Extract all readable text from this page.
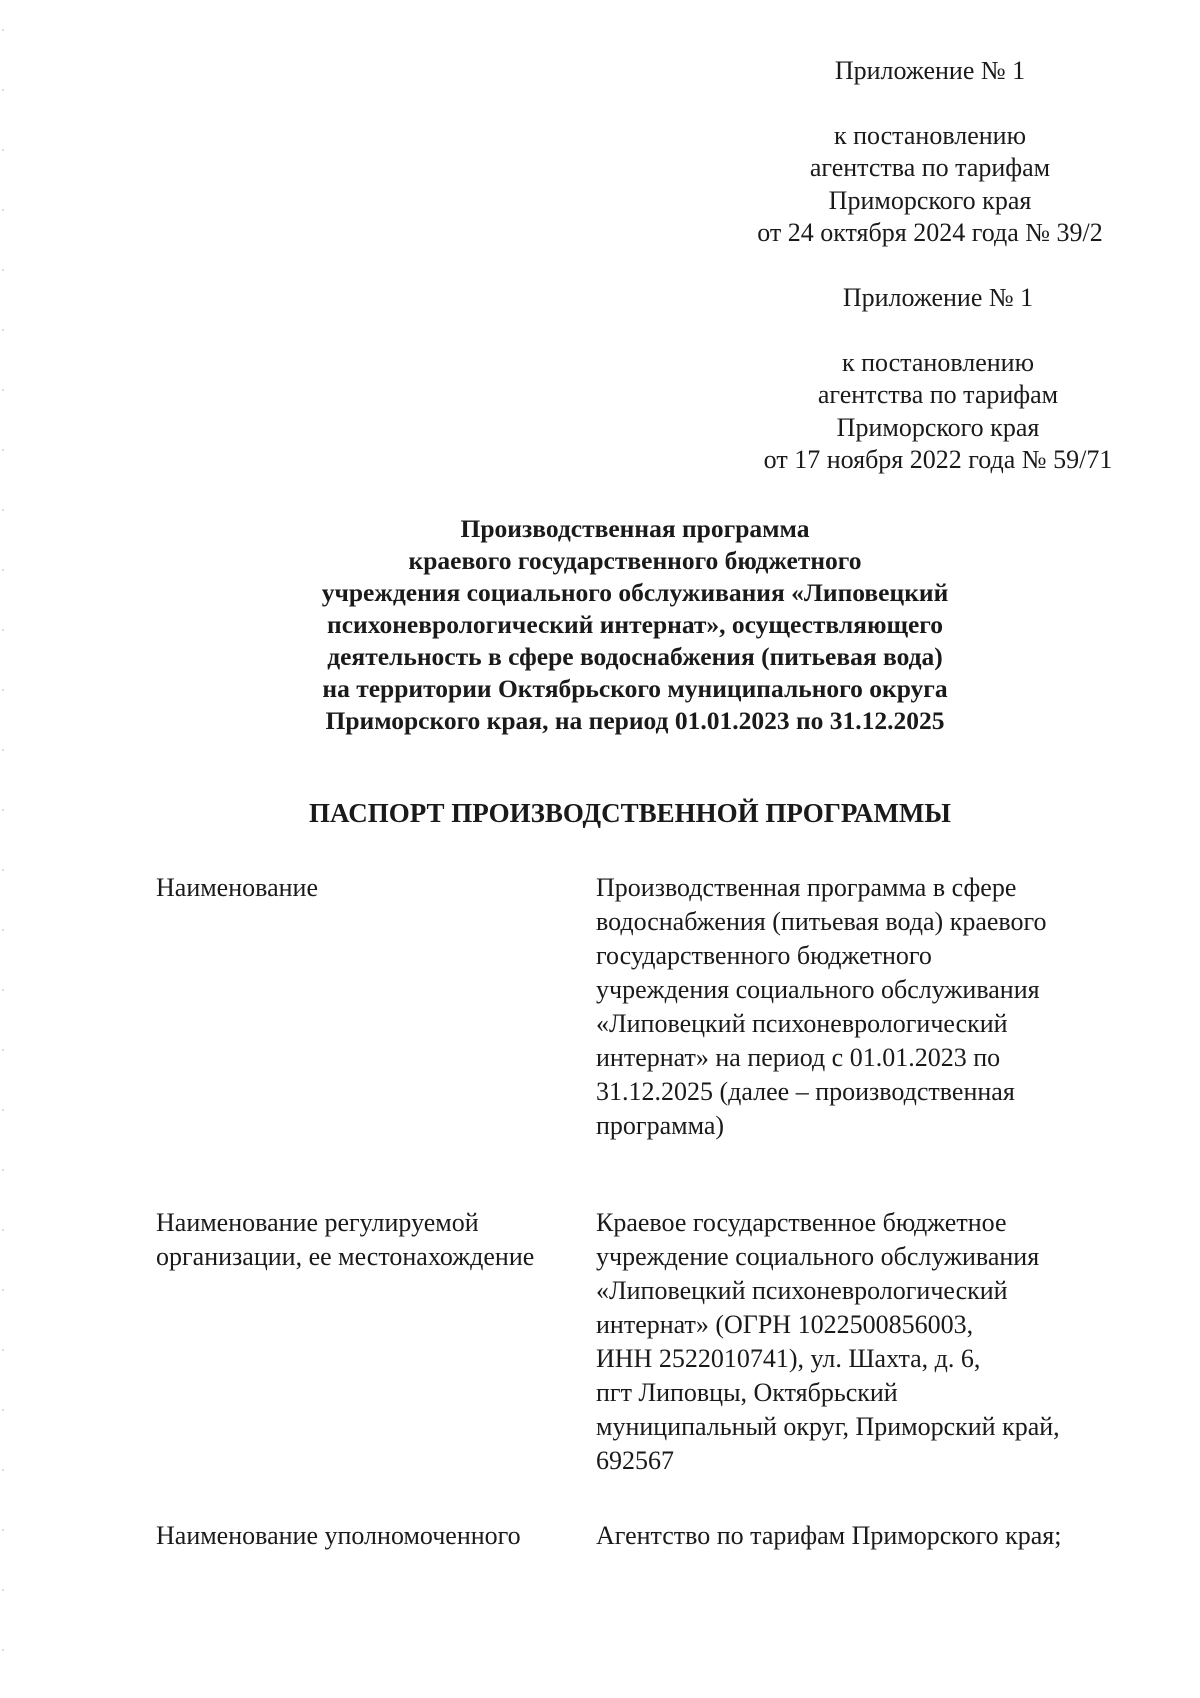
Приложение № 1
к постановлению
агентства по тарифам
Приморского края
от 24 октября 2024 года № 39/2
Приложение № 1
к постановлению
агентства по тарифам
Приморского края
от 17 ноября 2022 года № 59/71
Производственная программа
краевого государственного бюджетного
учреждения социального обслуживания «Липовецкий
психоневрологический интернат», осуществляющего
деятельность в сфере водоснабжения (питьевая вода)
на территории Октябрьского муниципального округа
Приморского края, на период 01.01.2023 по 31.12.2025
ПАСПОРТ ПРОИЗВОДСТВЕННОЙ ПРОГРАММЫ
Наименование	Производственная программа в сфере
водоснабжения (питьевая вода) краевого
государственного бюджетного
учреждения социального обслуживания
«Липовецкий психоневрологический
интернат» на период с 01.01.2023 по
31.12.2025 (далее – производственная
программа)
Наименование регулируемой
организации, ее местонахождение
Краевое государственное бюджетное
учреждение социального обслуживания
«Липовецкий психоневрологический
интернат» (ОГРН 1022500856003,
ИНН 2522010741), ул. Шахта, д. 6,
пгт Липовцы, Октябрьский
муниципальный округ, Приморский край,
692567
Наименование уполномоченного	Агентство по тарифам Приморского края;
